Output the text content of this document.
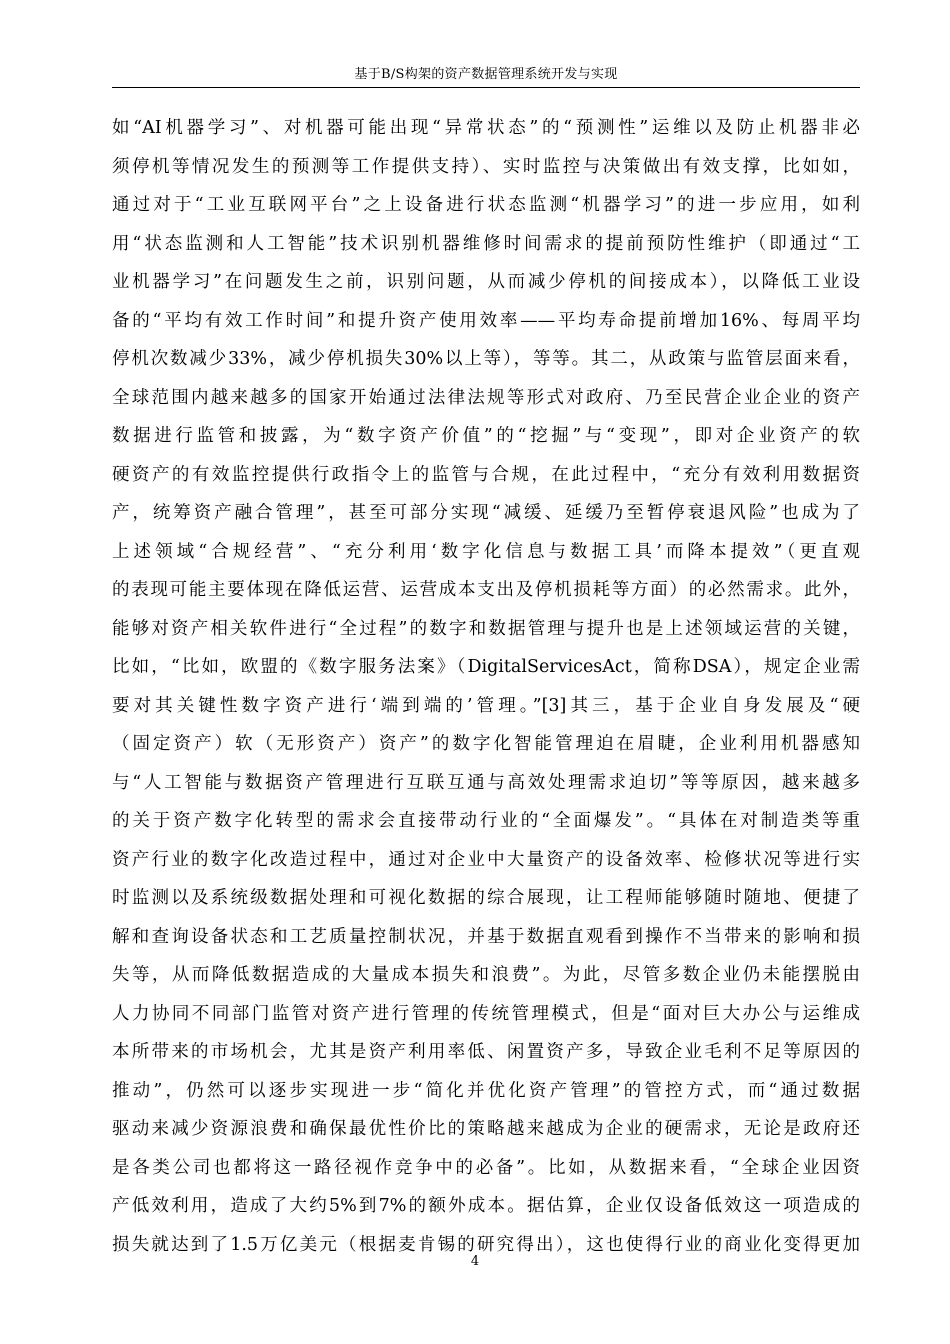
基于B/S构架的资产数据管理系统开发与实现
如“AI机器学习”、对机器可能出现“异常状态”的“预测性”运维以及防止机器非必
须停机等情况发生的预测等工作提供支持）、实时监控与决策做出有效支撑，比如如，
通过对于“工业互联网平台”之上设备进行状态监测“机器学习”的进一步应用，如利
用“状态监测和人工智能”技术识别机器维修时间需求的提前预防性维护（即通过“工
业机器学习”在问题发生之前，识别问题，从而减少停机的间接成本），以降低工业设
备的“平均有效工作时间”和提升资产使用效率——平均寿命提前增加16%、每周平均
停机次数减少33%，减少停机损失30%以上等），等等。其二，从政策与监管层面来看，
全球范围内越来越多的国家开始通过法律法规等形式对政府、乃至民营企业企业的资产
数据进行监管和披露，为“数字资产价值”的“挖掘”与“变现”，即对企业资产的软
硬资产的有效监控提供行政指令上的监管与合规，在此过程中，“充分有效利用数据资
产，统筹资产融合管理”，甚至可部分实现“减缓、延缓乃至暂停衰退风险”也成为了
上述领域“合规经营”、“充分利用‘数字化信息与数据工具’而降本提效”（更直观
的表现可能主要体现在降低运营、运营成本支出及停机损耗等方面）的必然需求。此外，
能够对资产相关软件进行“全过程”的数字和数据管理与提升也是上述领域运营的关键，
比如，“比如，欧盟的《数字服务法案》（DigitalServicesAct，简称DSA），规定企业需
要对其关键性数字资产进行‘端到端的’管理。”[3]其三，基于企业自身发展及“硬
（固定资产）软（无形资产）资产”的数字化智能管理迫在眉睫，企业利用机器感知
与“人工智能与数据资产管理进行互联互通与高效处理需求迫切”等等原因，越来越多
的关于资产数字化转型的需求会直接带动行业的“全面爆发”。“具体在对制造类等重
资产行业的数字化改造过程中，通过对企业中大量资产的设备效率、检修状况等进行实
时监测以及系统级数据处理和可视化数据的综合展现，让工程师能够随时随地、便捷了
解和查询设备状态和工艺质量控制状况，并基于数据直观看到操作不当带来的影响和损
失等，从而降低数据造成的大量成本损失和浪费”。为此，尽管多数企业仍未能摆脱由
人力协同不同部门监管对资产进行管理的传统管理模式，但是“面对巨大办公与运维成
本所带来的市场机会，尤其是资产利用率低、闲置资产多，导致企业毛利不足等原因的
推动”，仍然可以逐步实现进一步“简化并优化资产管理”的管控方式，而“通过数据
驱动来减少资源浪费和确保最优性价比的策略越来越成为企业的硬需求，无论是政府还
是各类公司也都将这一路径视作竞争中的必备”。比如，从数据来看，“全球企业因资
产低效利用，造成了大约5%到7%的额外成本。据估算，企业仅设备低效这一项造成的
损失就达到了1.5万亿美元（根据麦肯锡的研究得出），这也使得行业的商业化变得更加
4
